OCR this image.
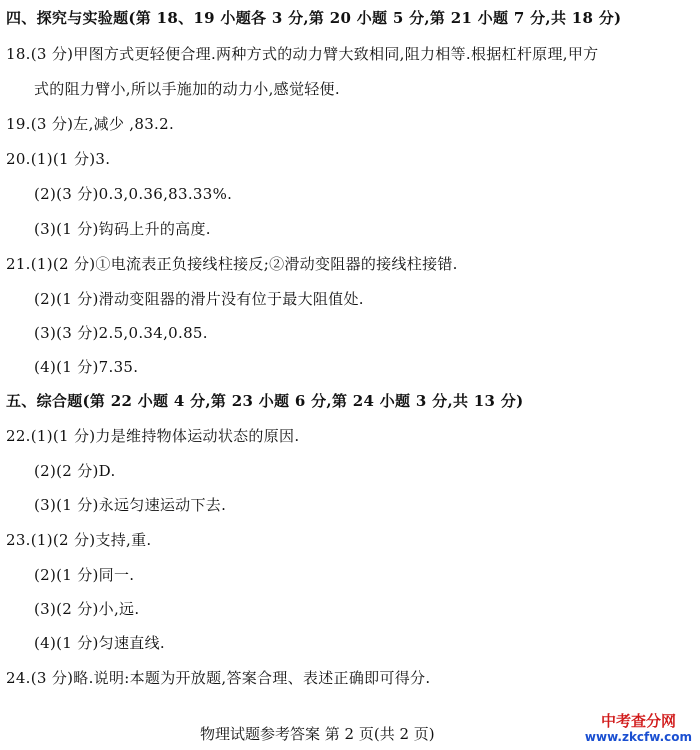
四、探究与实验题(第 18、19 小题各 3 分,第 20 小题 5 分,第 21 小题 7 分,共 18 分)
18.(3 分)甲图方式更轻便合理.两种方式的动力臂大致相同,阻力相等.根据杠杆原理,甲方
式的阻力臂小,所以手施加的动力小,感觉轻便.
19.(3 分)左,减少 ,83.2.
20.(1)(1 分)3.
(2)(3 分)0.3,0.36,83.33%.
(3)(1 分)钩码上升的高度.
21.(1)(2 分)①电流表正负接线柱接反;②滑动变阻器的接线柱接错.
(2)(1 分)滑动变阻器的滑片没有位于最大阻值处.
(3)(3 分)2.5,0.34,0.85.
(4)(1 分)7.35.
五、综合题(第 22 小题 4 分,第 23 小题 6 分,第 24 小题 3 分,共 13 分)
22.(1)(1 分)力是维持物体运动状态的原因.
(2)(2 分)D.
(3)(1 分)永远匀速运动下去.
23.(1)(2 分)支持,重.
(2)(1 分)同一.
(3)(2 分)小,远.
(4)(1 分)匀速直线.
24.(3 分)略.说明:本题为开放题,答案合理、表述正确即可得分.
物理试题参考答案 第 2 页(共 2 页)
中考查分网
www.zkcfw.com
